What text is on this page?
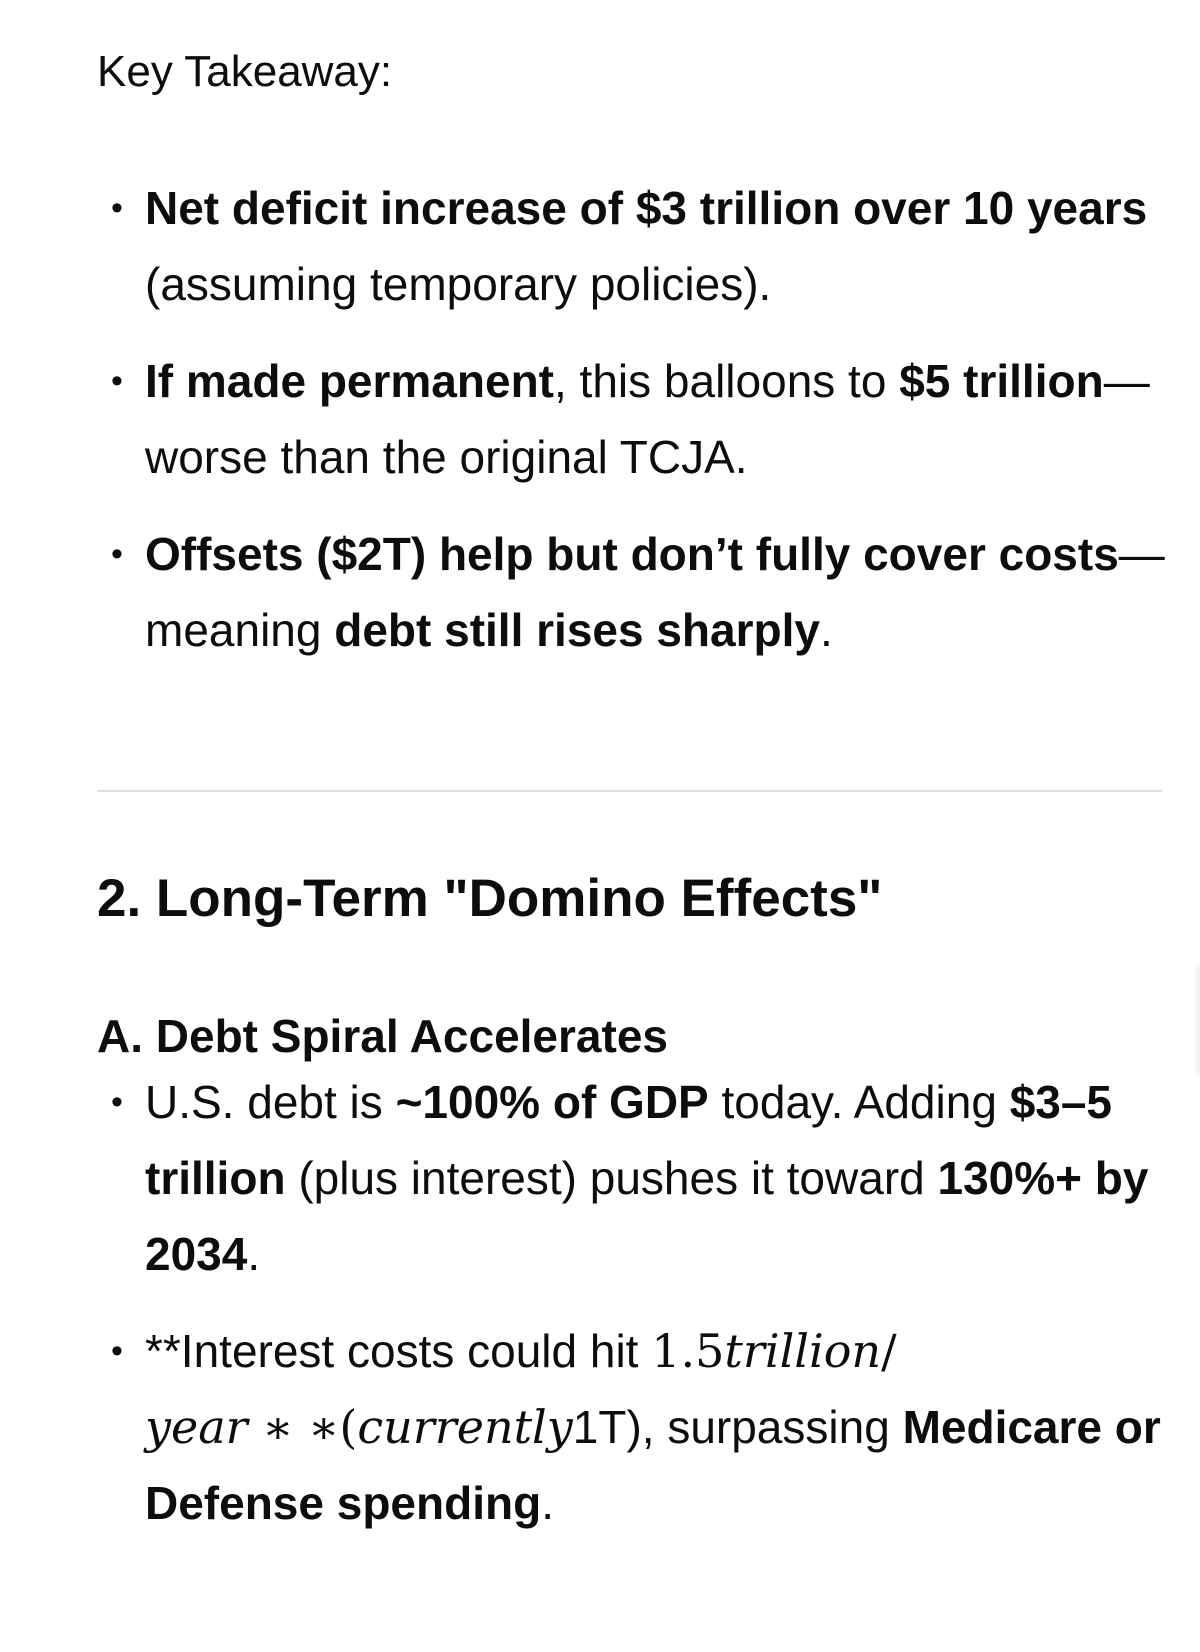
Key Takeaway:
• Net deficit increase of $3 trillion over 10 years (assuming temporary policies).
• If made permanent, this balloons to $5 trillion—worse than the original TCJA.
• Offsets ($2T) help but don’t fully cover costs—meaning debt still rises sharply.
2. Long-Term "Domino Effects"
A. Debt Spiral Accelerates
• U.S. debt is ~100% of GDP today. Adding $3–5 trillion (plus interest) pushes it toward 130%+ by 2034.
• **Interest costs could hit 1.5trillion/
year ∗ ∗(currently1T), surpassing Medicare or Defense spending.
